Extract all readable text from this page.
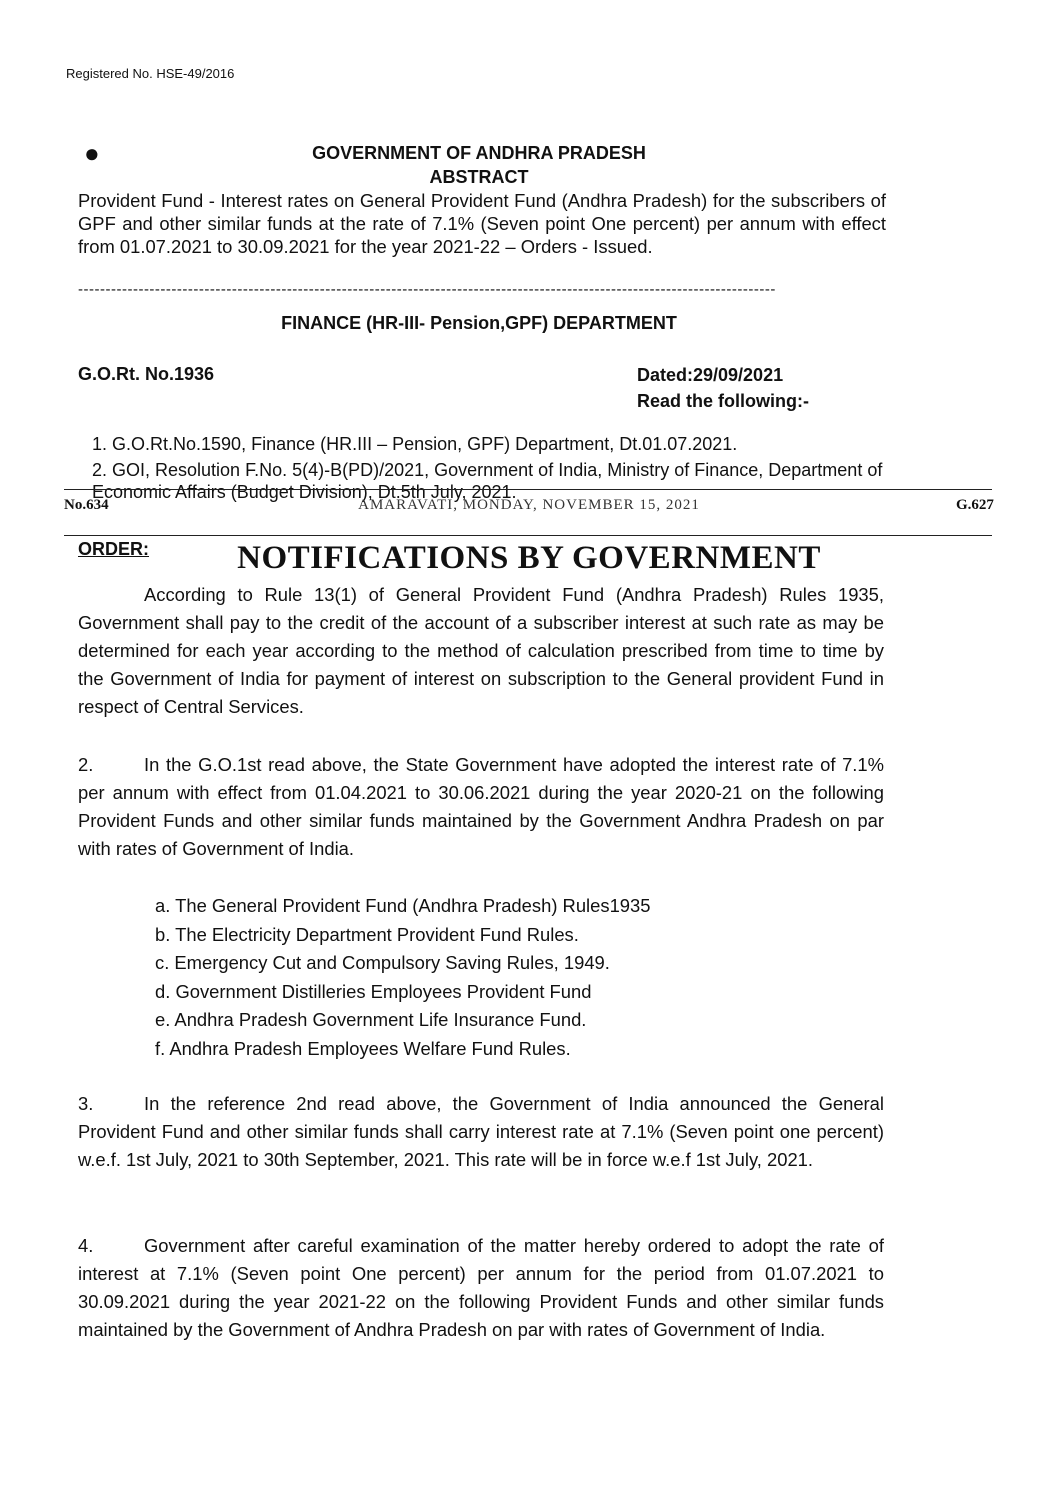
Registered No. HSE-49/2016
●	GOVERNMENT OF ANDHRA PRADESH
ABSTRACT
Provident Fund - Interest rates on General Provident Fund (Andhra Pradesh) for the subscribers of GPF and other similar funds at the rate of 7.1% (Seven point One percent) per annum with effect from 01.07.2021 to 30.09.2021 for the year 2021-22 – Orders - Issued.
-------------------------------------------------------------------------------------------------------------------------------
FINANCE (HR-III- Pension,GPF) DEPARTMENT
G.O.Rt. No.1936	Dated:29/09/2021
Read the following:-
1. G.O.Rt.No.1590, Finance (HR.III – Pension, GPF) Department, Dt.01.07.2021.
2. GOI, Resolution F.No. 5(4)-B(PD)/2021, Government of India, Ministry of Finance, Department of Economic Affairs (Budget Division), Dt.5th July, 2021.
No.634	AMARAVATI, MONDAY, NOVEMBER 15, 2021	G.627
ORDER:	NOTIFICATIONS BY GOVERNMENT

According to Rule 13(1) of General Provident Fund (Andhra Pradesh) Rules 1935, Government shall pay to the credit of the account of a subscriber interest at such rate as may be determined for each year according to the method of calculation prescribed from time to time by the Government of India for payment of interest on subscription to the General provident Fund in respect of Central Services.

2.	In the G.O.1st read above, the State Government have adopted the interest rate of 7.1% per annum with effect from 01.04.2021 to 30.06.2021 during the year 2020-21 on the following Provident Funds and other similar funds maintained by the Government Andhra Pradesh on par with rates of Government of India.

a. The General Provident Fund (Andhra Pradesh) Rules1935
b. The Electricity Department Provident Fund Rules.
c. Emergency Cut and Compulsory Saving Rules, 1949.
d. Government Distilleries Employees Provident Fund
e. Andhra Pradesh Government Life Insurance Fund.
f. Andhra Pradesh Employees Welfare Fund Rules.

3.	In the reference 2nd read above, the Government of India announced the General Provident Fund and other similar funds shall carry interest rate at 7.1% (Seven point one percent) w.e.f. 1st July, 2021 to 30th September, 2021. This rate will be in force w.e.f 1st July, 2021.

4.	Government after careful examination of the matter hereby ordered to adopt the rate of interest at 7.1% (Seven point One percent) per annum for the period from 01.07.2021 to 30.09.2021 during the year 2021-22 on the following Provident Funds and other similar funds maintained by the Government of Andhra Pradesh on par with rates of Government of India.
